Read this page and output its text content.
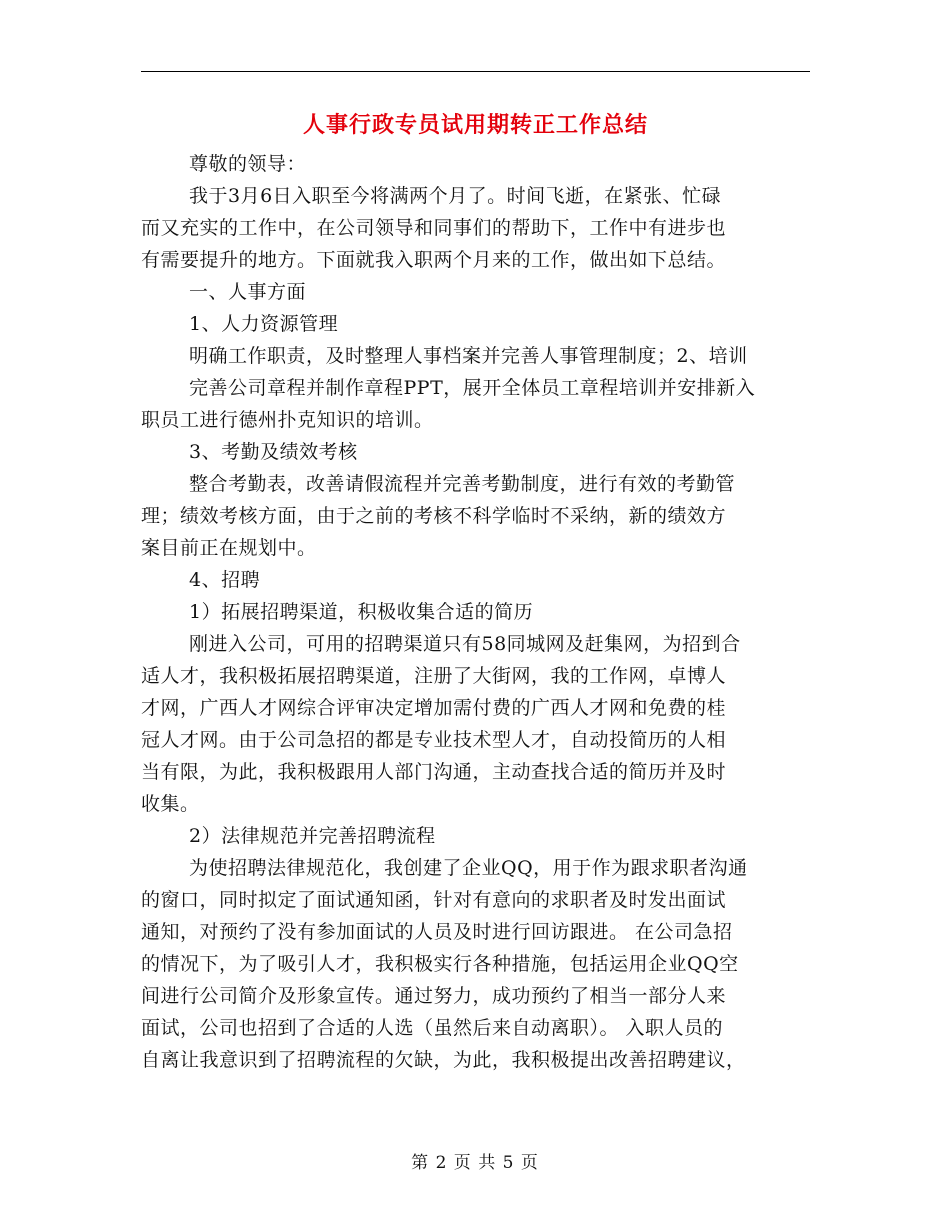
人事行政专员试用期转正工作总结
尊敬的领导：
我于3月6日入职至今将满两个月了。时间飞逝，在紧张、忙碌
而又充实的工作中，在公司领导和同事们的帮助下，工作中有进步也
有需要提升的地方。下面就我入职两个月来的工作，做出如下总结。
一、人事方面
1、人力资源管理
明确工作职责，及时整理人事档案并完善人事管理制度；2、培训
完善公司章程并制作章程PPT，展开全体员工章程培训并安排新入
职员工进行德州扑克知识的培训。
3、考勤及绩效考核
整合考勤表，改善请假流程并完善考勤制度，进行有效的考勤管
理；绩效考核方面，由于之前的考核不科学临时不采纳，新的绩效方
案目前正在规划中。
4、招聘
1）拓展招聘渠道，积极收集合适的简历
刚进入公司，可用的招聘渠道只有58同城网及赶集网，为招到合
适人才，我积极拓展招聘渠道，注册了大街网，我的工作网，卓博人
才网，广西人才网综合评审决定增加需付费的广西人才网和免费的桂
冠人才网。由于公司急招的都是专业技术型人才，自动投简历的人相
当有限，为此，我积极跟用人部门沟通，主动查找合适的简历并及时
收集。
2）法律规范并完善招聘流程
为使招聘法律规范化，我创建了企业QQ，用于作为跟求职者沟通
的窗口，同时拟定了面试通知函，针对有意向的求职者及时发出面试
通知，对预约了没有参加面试的人员及时进行回访跟进。 在公司急招
的情况下，为了吸引人才，我积极实行各种措施，包括运用企业QQ空
间进行公司简介及形象宣传。通过努力，成功预约了相当一部分人来
面试，公司也招到了合适的人选（虽然后来自动离职）。 入职人员的
自离让我意识到了招聘流程的欠缺，为此，我积极提出改善招聘建议，
第 2 页 共 5 页
